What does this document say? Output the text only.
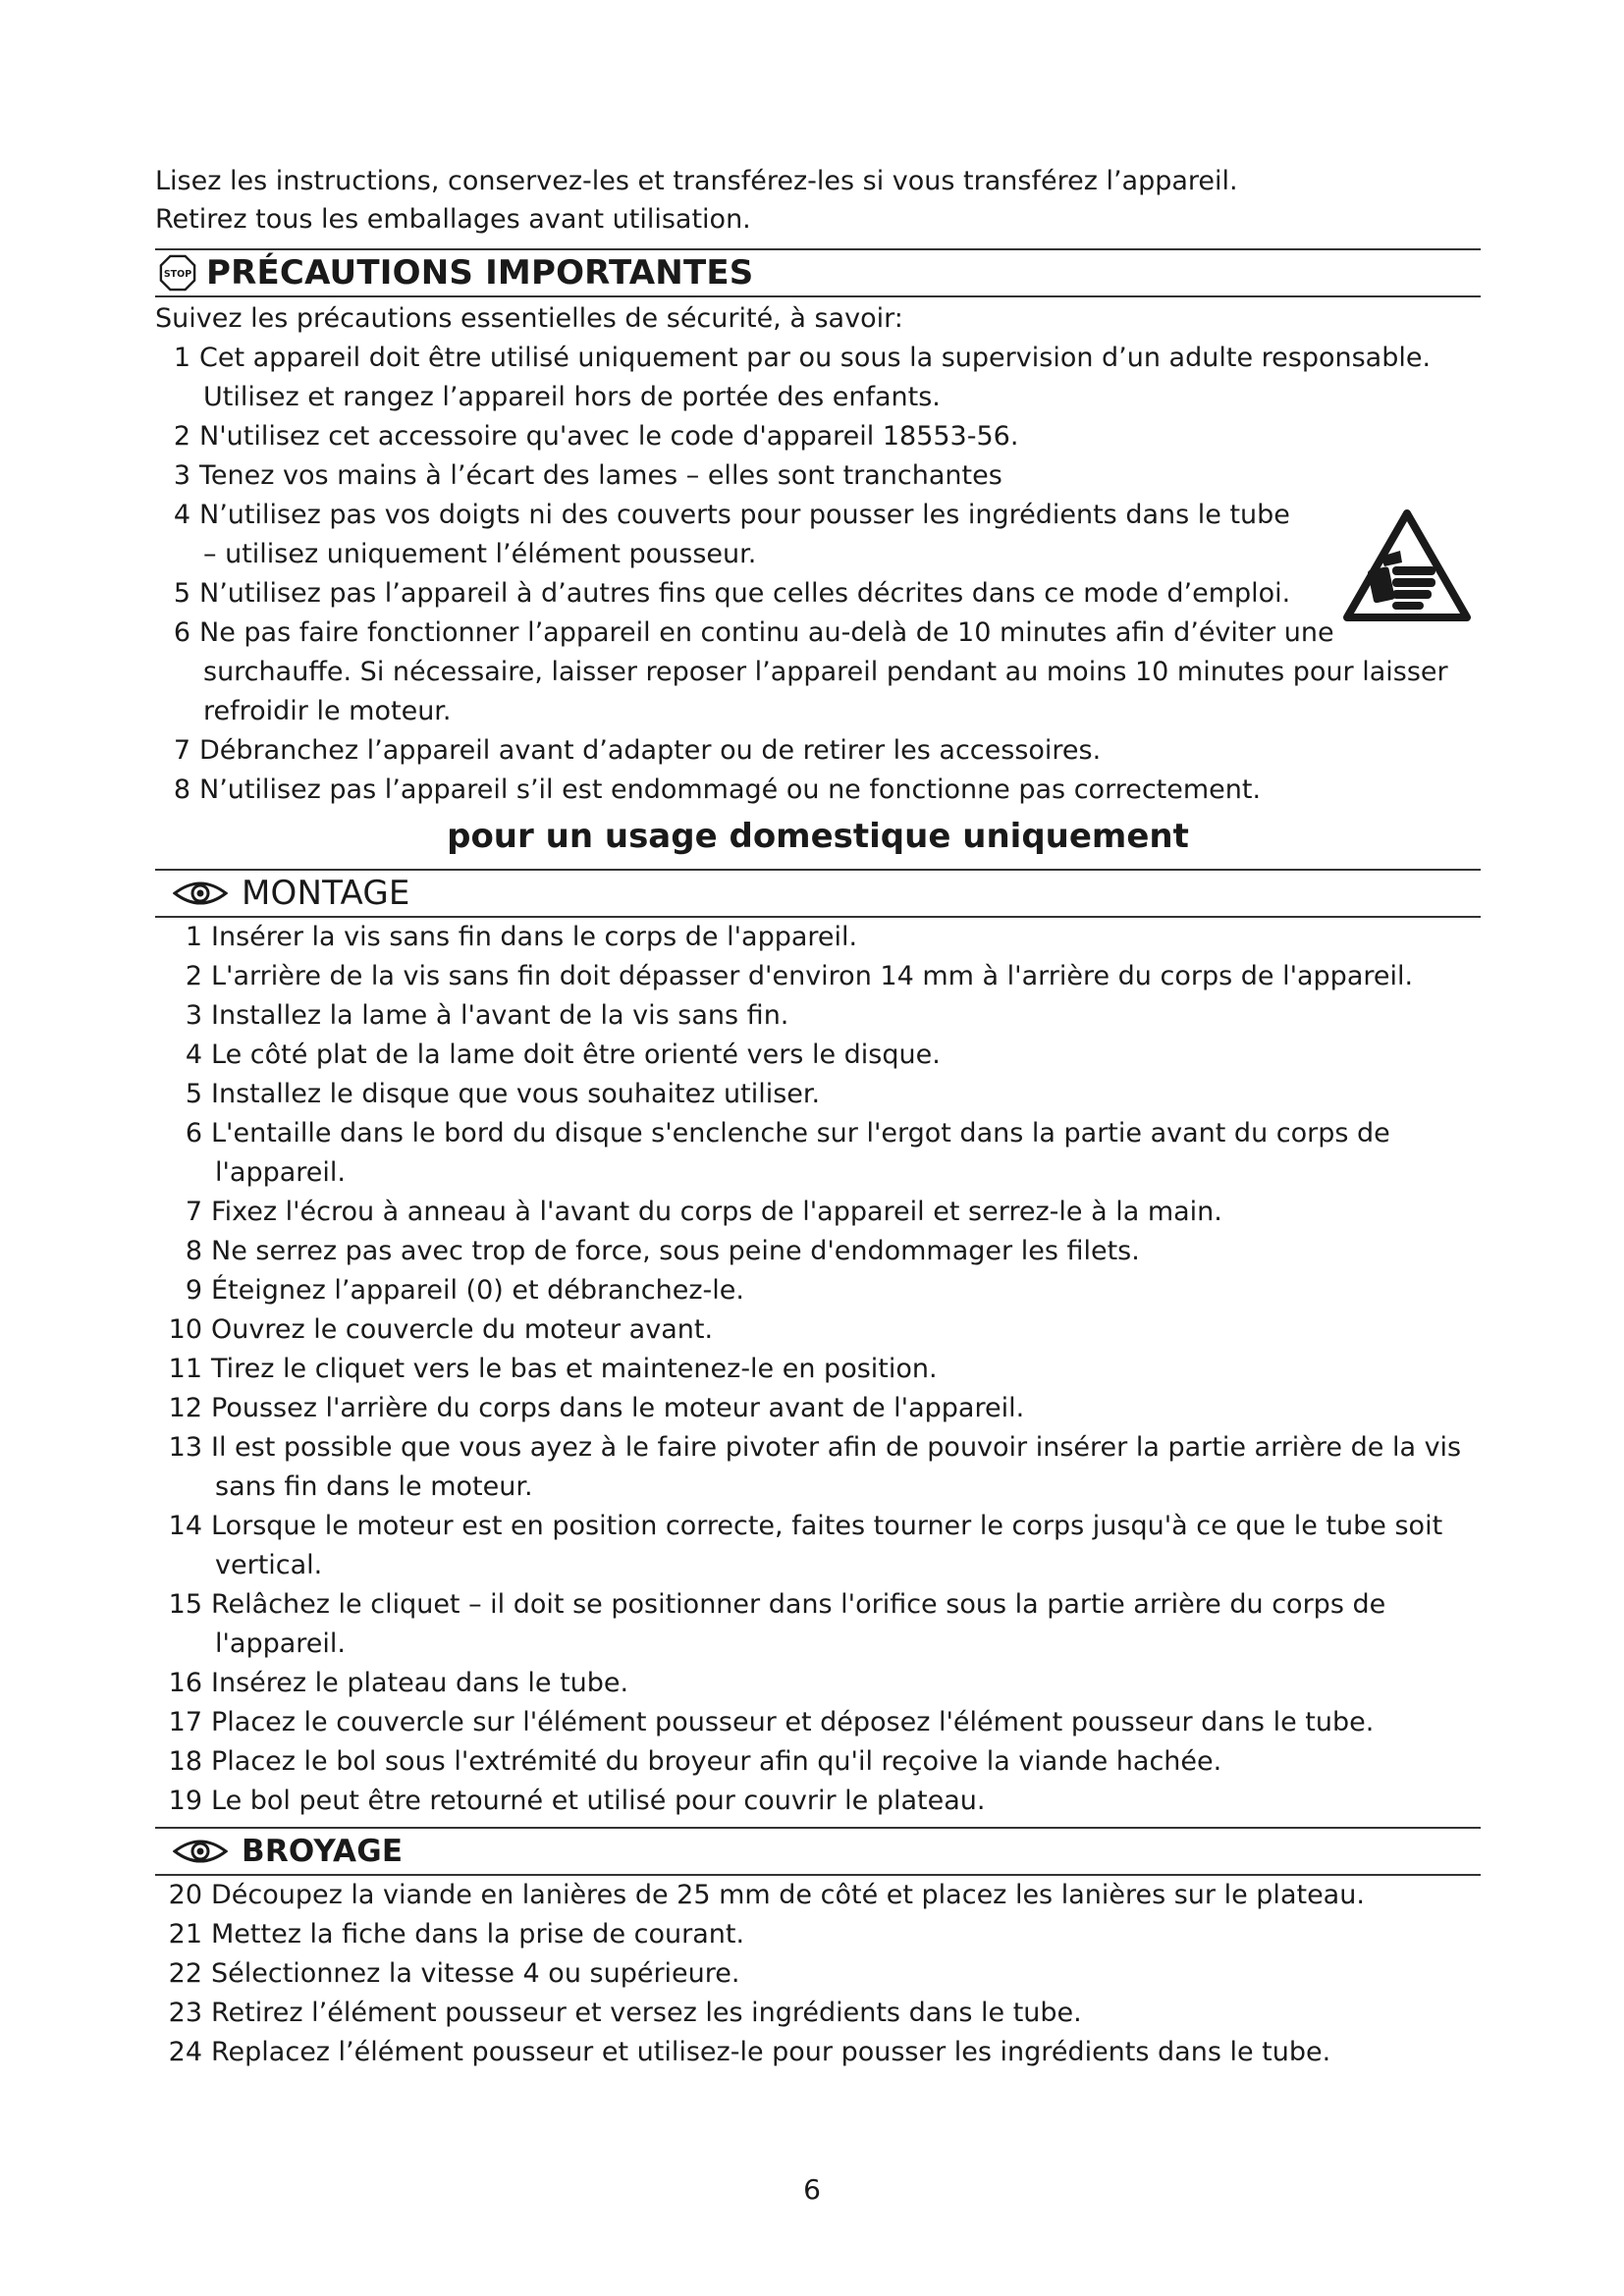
Lisez les instructions, conservez-les et transférez-les si vous transférez l’appareil.
Retirez tous les emballages avant utilisation.
STOP PRÉCAUTIONS IMPORTANTES
Suivez les précautions essentielles de sécurité, à savoir:
1 Cet appareil doit être utilisé uniquement par ou sous la supervision d’un adulte responsable.
Utilisez et rangez l’appareil hors de portée des enfants.
2 N'utilisez cet accessoire qu'avec le code d'appareil 18553-56.
3 Tenez vos mains à l’écart des lames – elles sont tranchantes
4 N’utilisez pas vos doigts ni des couverts pour pousser les ingrédients dans le tube
– utilisez uniquement l’élément pousseur.
5 N’utilisez pas l’appareil à d’autres fins que celles décrites dans ce mode d’emploi.
6 Ne pas faire fonctionner l’appareil en continu au-delà de 10 minutes afin d’éviter une
surchauffe. Si nécessaire, laisser reposer l’appareil pendant au moins 10 minutes pour laisser
refroidir le moteur.
7 Débranchez l’appareil avant d’adapter ou de retirer les accessoires.
8 N’utilisez pas l’appareil s’il est endommagé ou ne fonctionne pas correctement.
pour un usage domestique uniquement
MONTAGE
1 Insérer la vis sans fin dans le corps de l'appareil.
2 L'arrière de la vis sans fin doit dépasser d'environ 14 mm à l'arrière du corps de l'appareil.
3 Installez la lame à l'avant de la vis sans fin.
4 Le côté plat de la lame doit être orienté vers le disque.
5 Installez le disque que vous souhaitez utiliser.
6 L'entaille dans le bord du disque s'enclenche sur l'ergot dans la partie avant du corps de
l'appareil.
7 Fixez l'écrou à anneau à l'avant du corps de l'appareil et serrez-le à la main.
8 Ne serrez pas avec trop de force, sous peine d'endommager les filets.
9 Éteignez l’appareil (0) et débranchez-le.
10 Ouvrez le couvercle du moteur avant.
11 Tirez le cliquet vers le bas et maintenez-le en position.
12 Poussez l'arrière du corps dans le moteur avant de l'appareil.
13 Il est possible que vous ayez à le faire pivoter afin de pouvoir insérer la partie arrière de la vis
sans fin dans le moteur.
14 Lorsque le moteur est en position correcte, faites tourner le corps jusqu'à ce que le tube soit
vertical.
15 Relâchez le cliquet – il doit se positionner dans l'orifice sous la partie arrière du corps de
l'appareil.
16 Insérez le plateau dans le tube.
17 Placez le couvercle sur l'élément pousseur et déposez l'élément pousseur dans le tube.
18 Placez le bol sous l'extrémité du broyeur afin qu'il reçoive la viande hachée.
19 Le bol peut être retourné et utilisé pour couvrir le plateau.
BROYAGE
20 Découpez la viande en lanières de 25 mm de côté et placez les lanières sur le plateau.
21 Mettez la fiche dans la prise de courant.
22 Sélectionnez la vitesse 4 ou supérieure.
23 Retirez l’élément pousseur et versez les ingrédients dans le tube.
24 Replacez l’élément pousseur et utilisez-le pour pousser les ingrédients dans le tube.
6
